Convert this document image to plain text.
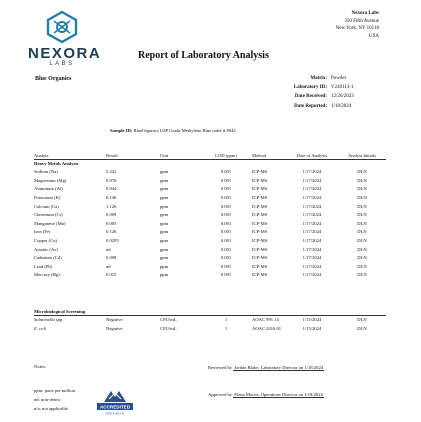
NEXORA
LABS
Blue Organics
Report of Laboratory Analysis
Nexora Labs
350 Fifth Avenue
New York, NY 10118
USA
Matrix: Powder
Laboratory ID: V240113-1
Date Received: 12/26/2023
Date Reported: 1/18/2024
Sample ID: BlueOrganics USP Grade Methylene Blue order # 8942
Analyte	Result	Unit	LOD (ppm)	Method	Date of Analysis	Analyst Initials
Heavy Metals Analysis
Sodium (Na)	5.232	ppm	0.001	ICP-MS	1/17/2024	DLN
Magnesium (Mg)	0.070	ppm	0.001	ICP-MS	1/17/2024	DLN
Aluminum (Al)	0.044	ppm	0.001	ICP-MS	1/17/2024	DLN
Potassium (K)	0.146	ppm	0.001	ICP-MS	1/17/2024	DLN
Calcium (Ca)	1.126	ppm	0.001	ICP-MS	1/17/2024	DLN
Chromium (Cr)	0.009	ppm	0.001	ICP-MS	1/17/2024	DLN
Manganese (Mn)	0.003	ppm	0.001	ICP-MS	1/17/2024	DLN
Iron (Fe)	0.126	ppm	0.001	ICP-MS	1/17/2024	DLN
Copper (Cu)	0.0295	ppm	0.001	ICP-MS	1/17/2024	DLN
Arsenic (As)	nd	ppm	0.001	ICP-MS	1/17/2024	DLN
Cadmium (Cd)	0.008	ppm	0.001	ICP-MS	1/17/2024	DLN
Lead (Pb)	nd	ppm	0.001	ICP-MS	1/17/2024	DLN
Mercury (Hg)	0.015	ppm	0.001	ICP-MS	1/17/2024	DLN
Microbiological Screening
Salmonella spp.	Negative	CFU/mL	1	AOAC 991.14	1/15/2024	DLN
E. coli	Negative	CFU/mL	1	AOAC 2016.01	1/15/2024	DLN
Notes:
ppm: parts per million
nd: non-detect
n/a: not applicable	ACCREDITED
CERT # 4213.01
Reviewed by Jordan Blake, Laboratory Director on 1/18/2024
Approved by Elena Morris, Operations Director on 1/18/2024
